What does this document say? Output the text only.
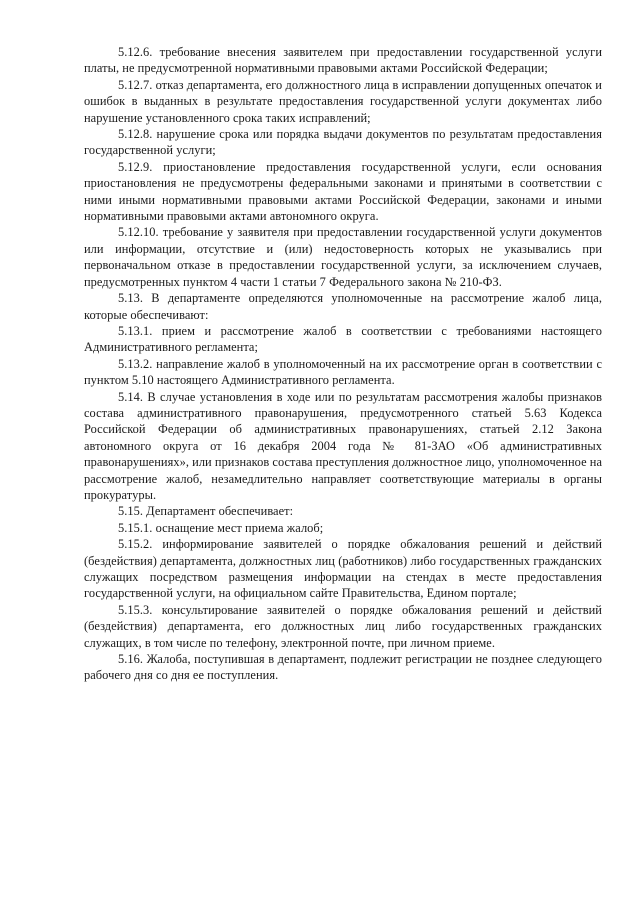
5.12.6. требование внесения заявителем при предоставлении государственной услуги платы, не предусмотренной нормативными правовыми актами Российской Федерации;

5.12.7. отказ департамента, его должностного лица в исправлении допущенных опечаток и ошибок в выданных в результате предоставления государственной услуги документах либо нарушение установленного срока таких исправлений;

5.12.8. нарушение срока или порядка выдачи документов по результатам предоставления государственной услуги;

5.12.9. приостановление предоставления государственной услуги, если основания приостановления не предусмотрены федеральными законами и принятыми в соответствии с ними иными нормативными правовыми актами Российской Федерации, законами и иными нормативными правовыми актами автономного округа.

5.12.10. требование у заявителя при предоставлении государственной услуги документов или информации, отсутствие и (или) недостоверность которых не указывались при первоначальном отказе в предоставлении государственной услуги, за исключением случаев, предусмотренных пунктом 4 части 1 статьи 7 Федерального закона № 210-ФЗ.

5.13. В департаменте определяются уполномоченные на рассмотрение жалоб лица, которые обеспечивают:

5.13.1. прием и рассмотрение жалоб в соответствии с требованиями настоящего Административного регламента;

5.13.2. направление жалоб в уполномоченный на их рассмотрение орган в соответствии с пунктом 5.10 настоящего Административного регламента.

5.14. В случае установления в ходе или по результатам рассмотрения жалобы признаков состава административного правонарушения, предусмотренного статьей 5.63 Кодекса Российской Федерации об административных правонарушениях, статьей 2.12 Закона автономного округа от 16 декабря 2004 года № 81-ЗАО «Об административных правонарушениях», или признаков состава преступления должностное лицо, уполномоченное на рассмотрение жалоб, незамедлительно направляет соответствующие материалы в органы прокуратуры.

5.15. Департамент обеспечивает:

5.15.1. оснащение мест приема жалоб;

5.15.2. информирование заявителей о порядке обжалования решений и действий (бездействия) департамента, должностных лиц (работников) либо государственных гражданских служащих посредством размещения информации на стендах в месте предоставления государственной услуги, на официальном сайте Правительства, Едином портале;

5.15.3. консультирование заявителей о порядке обжалования решений и действий (бездействия) департамента, его должностных лиц либо государственных гражданских служащих, в том числе по телефону, электронной почте, при личном приеме.

5.16. Жалоба, поступившая в департамент, подлежит регистрации не позднее следующего рабочего дня со дня ее поступления.
